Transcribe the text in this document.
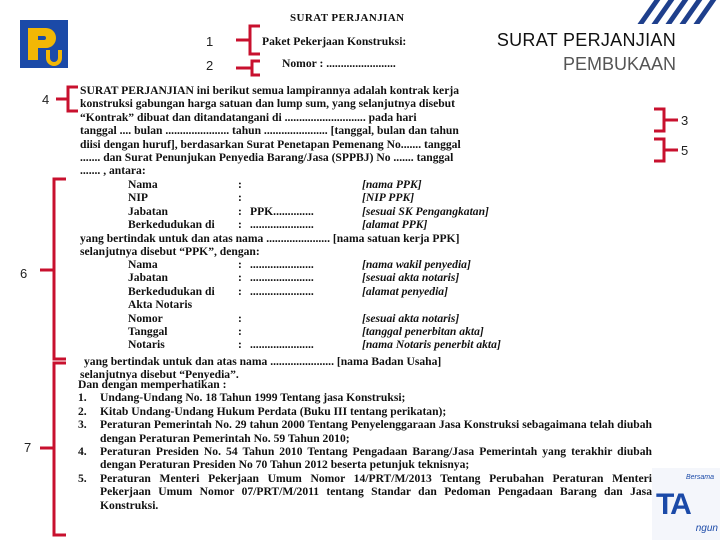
SURAT PERJANJIAN
PEMBUKAAN
1
2
3
4
5
6
7
SURAT PERJANJIAN
Paket Pekerjaan Konstruksi:
Nomor : ........................

SURAT PERJANJIAN ini berikut semua lampirannya adalah kontrak kerja

konstruksi gabungan harga satuan dan lump sum, yang selanjutnya disebut

“Kontrak” dibuat dan ditandatangani di ............................ pada hari

tanggal .... bulan ...................... tahun ...................... [tanggal, bulan dan tahun

diisi dengan huruf], berdasarkan Surat Penetapan Pemenang No....... tanggal

....... dan Surat Penunjukan Penyedia Barang/Jasa (SPPBJ) No ....... tanggal

....... , antara:

Nama	:	[nama PPK]
NIP	:	[NIP PPK]
Jabatan	: PPK..............	[sesuai SK Pengangkatan]
Berkedudukan di	: ......................	[alamat PPK]
yang bertindak untuk dan atas nama ...................... [nama satuan kerja PPK]
selanjutnya disebut “PPK”, dengan:
Nama	: ......................	[nama wakil penyedia]
Jabatan	: ......................	[sesuai akta notaris]
Berkedudukan di	: ......................	[alamat penyedia]
Akta Notaris
Nomor	:	[sesuai akta notaris]
Tanggal	:	[tanggal penerbitan akta]
Notaris	: ......................	[nama Notaris penerbit akta]
yang bertindak untuk dan atas nama ...................... [nama Badan Usaha]
selanjutnya disebut “Penyedia”.
Dan dengan memperhatikan :
1.	Undang-Undang No. 18 Tahun 1999 Tentang jasa Konstruksi;
2.	Kitab Undang-Undang Hukum Perdata (Buku III tentang perikatan);
3.	Peraturan Pemerintah No. 29 tahun 2000 Tentang Penyelenggaraan Jasa Konstruksi sebagaimana telah diubah dengan Peraturan Pemerintah No. 59 Tahun 2010;
4.	Peraturan Presiden No. 54 Tahun 2010 Tentang Pengadaan Barang/Jasa Pemerintah yang terakhir diubah dengan Peraturan Presiden No 70 Tahun 2012 beserta petunjuk teknisnya;
5.	Peraturan Menteri Pekerjaan Umum Nomor 14/PRT/M/2013 Tentang Perubahan Peraturan Menteri Pekerjaan Umum Nomor 07/PRT/M/2011 tentang Standar dan Pedoman Pengadaan Barang dan Jasa Konstruksi.
Bersama
TA
ngun
